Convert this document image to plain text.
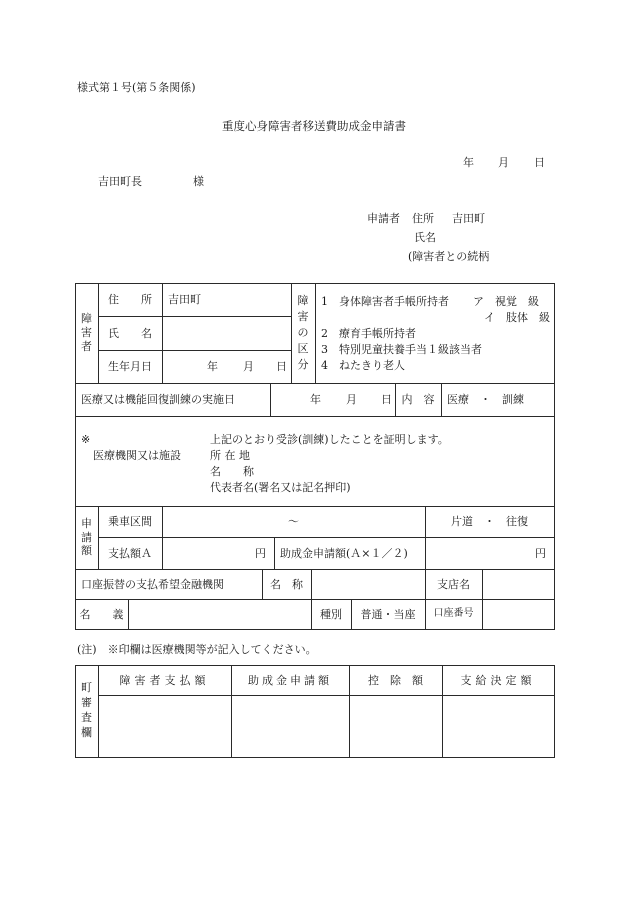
様式第１号(第５条関係)
重度心身障害者移送費助成金申請書
年 月 日
吉田町長	様
申請者 住所 吉田町
氏名
(障害者との続柄
障
害
者
住　　所	吉田町
氏　　名
生年月日	年 月 日
障
害
の
区
分
1　身体障害者手帳所持者 ア　視覚　級
イ　肢体　級
2　療育手帳所持者
3　特別児童扶養手当１級該当者
4　ねたきり老人
医療又は機能回復訓練の実施日	年 月 日 内　容	医療　・　訓練
※
医療機関又は施設
上記のとおり受診(訓練)したことを証明します。
所 在 地
名　　称
代表者名(署名又は記名押印)
申
請
額
乗車区間	～	片道　・　往復
支払額Ａ	円 助成金申請額(Ａ×１／２)	円
口座振替の支払希望金融機関	名　称	支店名
名　　義	種別	普通・当座	口座番号
(注)　※印欄は医療機関等が記入してください。
町
審
査
欄
障害者支払額	助成金申請額	控　除　額	支給決定額
